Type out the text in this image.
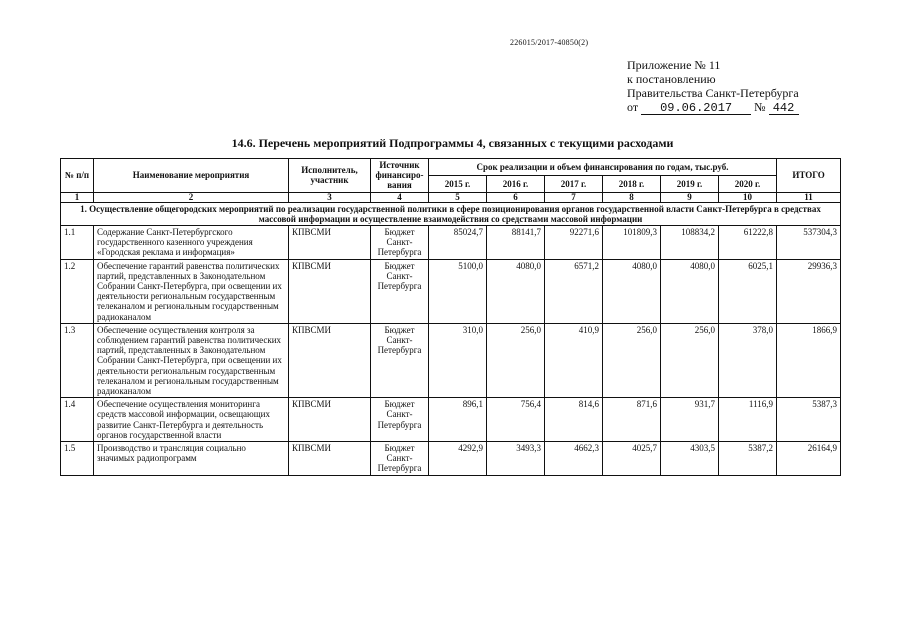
226015/2017-40850(2)
Приложение № 11
к постановлению
Правительства Санкт-Петербурга
от 09.06.2017 № 442
14.6. Перечень мероприятий Подпрограммы 4, связанных с текущими расходами
№ п/п	Наименование мероприятия	Исполнитель, участник	Источник финансиро-вания	Срок реализации и объем финансирования по годам, тыс.руб.						ИТОГО
				2015 г.	2016 г.	2017 г.	2018 г.	2019 г.	2020 г.	
1	2	3	4	5	6	7	8	9	10	11
1. Осуществление общегородских мероприятий по реализации государственной политики в сфере позиционирования органов государственной власти Санкт-Петербурга в средствах массовой информации и осуществление взаимодействия со средствами массовой информации										
1.1	Содержание Санкт-Петербургского государственного казенного учреждения «Городская реклама и информация»	КПВСМИ	Бюджет Санкт-Петербурга	85024,7	88141,7	92271,6	101809,3	108834,2	61222,8	537304,3
1.2	Обеспечение гарантий равенства политических партий, представленных в Законодательном Собрании Санкт-Петербурга, при освещении их деятельности региональным государственным телеканалом и региональным государственным радиоканалом	КПВСМИ	Бюджет Санкт-Петербурга	5100,0	4080,0	6571,2	4080,0	4080,0	6025,1	29936,3
1.3	Обеспечение осуществления контроля за соблюдением гарантий равенства политических партий, представленных в Законодательном Собрании Санкт-Петербурга, при освещении их деятельности региональным государственным телеканалом и региональным государственным радиоканалом	КПВСМИ	Бюджет Санкт-Петербурга	310,0	256,0	410,9	256,0	256,0	378,0	1866,9
1.4	Обеспечение осуществления мониторинга средств массовой информации, освещающих развитие Санкт-Петербурга и деятельность органов государственной власти	КПВСМИ	Бюджет Санкт-Петербурга	896,1	756,4	814,6	871,6	931,7	1116,9	5387,3
1.5	Производство и трансляция социально значимых радиопрограмм	КПВСМИ	Бюджет Санкт-Петербурга	4292,9	3493,3	4662,3	4025,7	4303,5	5387,2	26164,9
